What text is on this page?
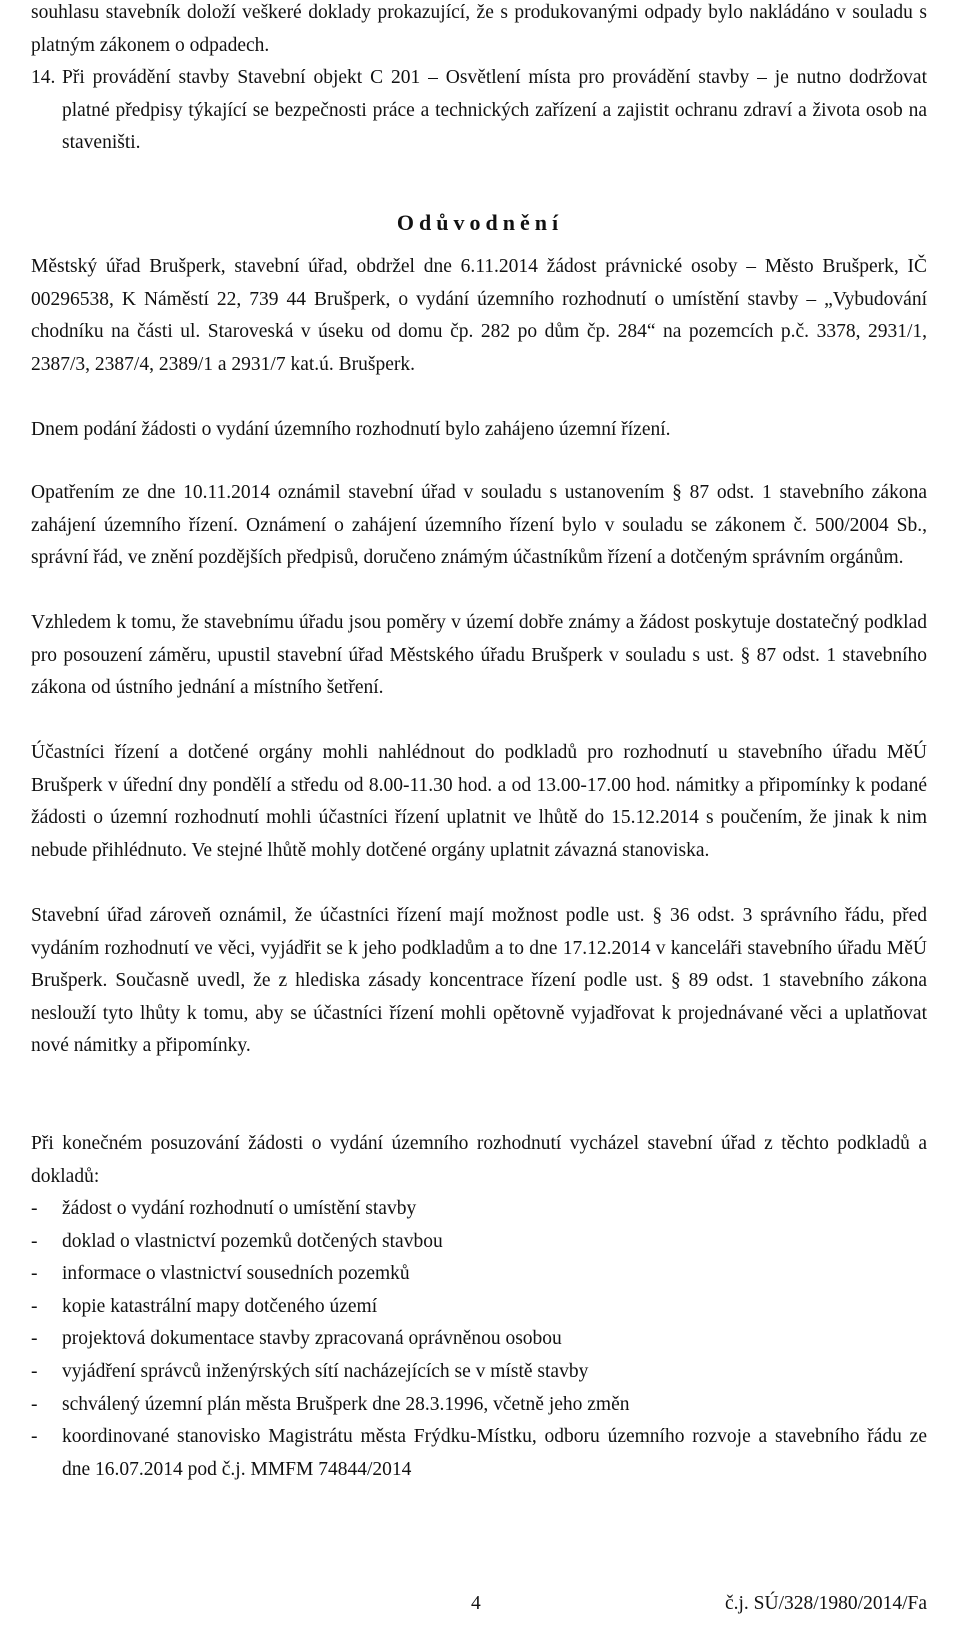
souhlasu stavebník doloží veškeré doklady prokazující, že s produkovanými odpady bylo nakládáno v souladu s platným zákonem o odpadech.

14. Při provádění stavby Stavební objekt C 201 – Osvětlení místa pro provádění stavby – je nutno dodržovat platné předpisy týkající se bezpečnosti práce a technických zařízení a zajistit ochranu zdraví a života osob na staveništi.
Odůvodnění

Městský úřad Brušperk, stavební úřad, obdržel dne 6.11.2014 žádost právnické osoby – Město Brušperk, IČ 00296538, K Náměstí 22, 739 44 Brušperk, o vydání územního rozhodnutí o umístění stavby – „Vybudování chodníku na části ul. Staroveská v úseku od domu čp. 282 po dům čp. 284“ na pozemcích p.č. 3378, 2931/1, 2387/3, 2387/4, 2389/1 a 2931/7 kat.ú. Brušperk.

Dnem podání žádosti o vydání územního rozhodnutí bylo zahájeno územní řízení.

Opatřením ze dne 10.11.2014 oznámil stavební úřad v souladu s ustanovením § 87 odst. 1 stavebního zákona zahájení územního řízení. Oznámení o zahájení územního řízení bylo v souladu se zákonem č. 500/2004 Sb., správní řád, ve znění pozdějších předpisů, doručeno známým účastníkům řízení a dotčeným správním orgánům.

Vzhledem k tomu, že stavebnímu úřadu jsou poměry v území dobře známy a žádost poskytuje dostatečný podklad pro posouzení záměru, upustil stavební úřad Městského úřadu Brušperk v souladu s ust. § 87 odst. 1 stavebního zákona od ústního jednání a místního šetření.

Účastníci řízení a dotčené orgány mohli nahlédnout do podkladů pro rozhodnutí u stavebního úřadu MěÚ Brušperk v úřední dny pondělí a středu od 8.00-11.30 hod. a od 13.00-17.00 hod. námitky a připomínky k podané žádosti o územní rozhodnutí mohli účastníci řízení uplatnit ve lhůtě do 15.12.2014 s poučením, že jinak k nim nebude přihlédnuto. Ve stejné lhůtě mohly dotčené orgány uplatnit závazná stanoviska.

Stavební úřad zároveň oznámil, že účastníci řízení mají možnost podle ust. § 36 odst. 3 správního řádu, před vydáním rozhodnutí ve věci, vyjádřit se k jeho podkladům a to dne 17.12.2014 v kanceláři stavebního úřadu MěÚ Brušperk. Současně uvedl, že z hlediska zásady koncentrace řízení podle ust. § 89 odst. 1 stavebního zákona neslouží tyto lhůty k tomu, aby se účastníci řízení mohli opětovně vyjadřovat k projednávané věci a uplatňovat nové námitky a připomínky.

Při konečném posuzování žádosti o vydání územního rozhodnutí vycházel stavební úřad z těchto podkladů a dokladů:

- žádost o vydání rozhodnutí o umístění stavby
- doklad o vlastnictví pozemků dotčených stavbou
- informace o vlastnictví sousedních pozemků
- kopie katastrální mapy dotčeného území
- projektová dokumentace stavby zpracovaná oprávněnou osobou
- vyjádření správců inženýrských sítí nacházejících se v místě stavby
- schválený územní plán města Brušperk dne 28.3.1996, včetně jeho změn
- koordinované stanovisko Magistrátu města Frýdku-Místku, odboru územního rozvoje a stavebního řádu ze dne 16.07.2014 pod č.j. MMFM 74844/2014
4	č.j. SÚ/328/1980/2014/Fa
